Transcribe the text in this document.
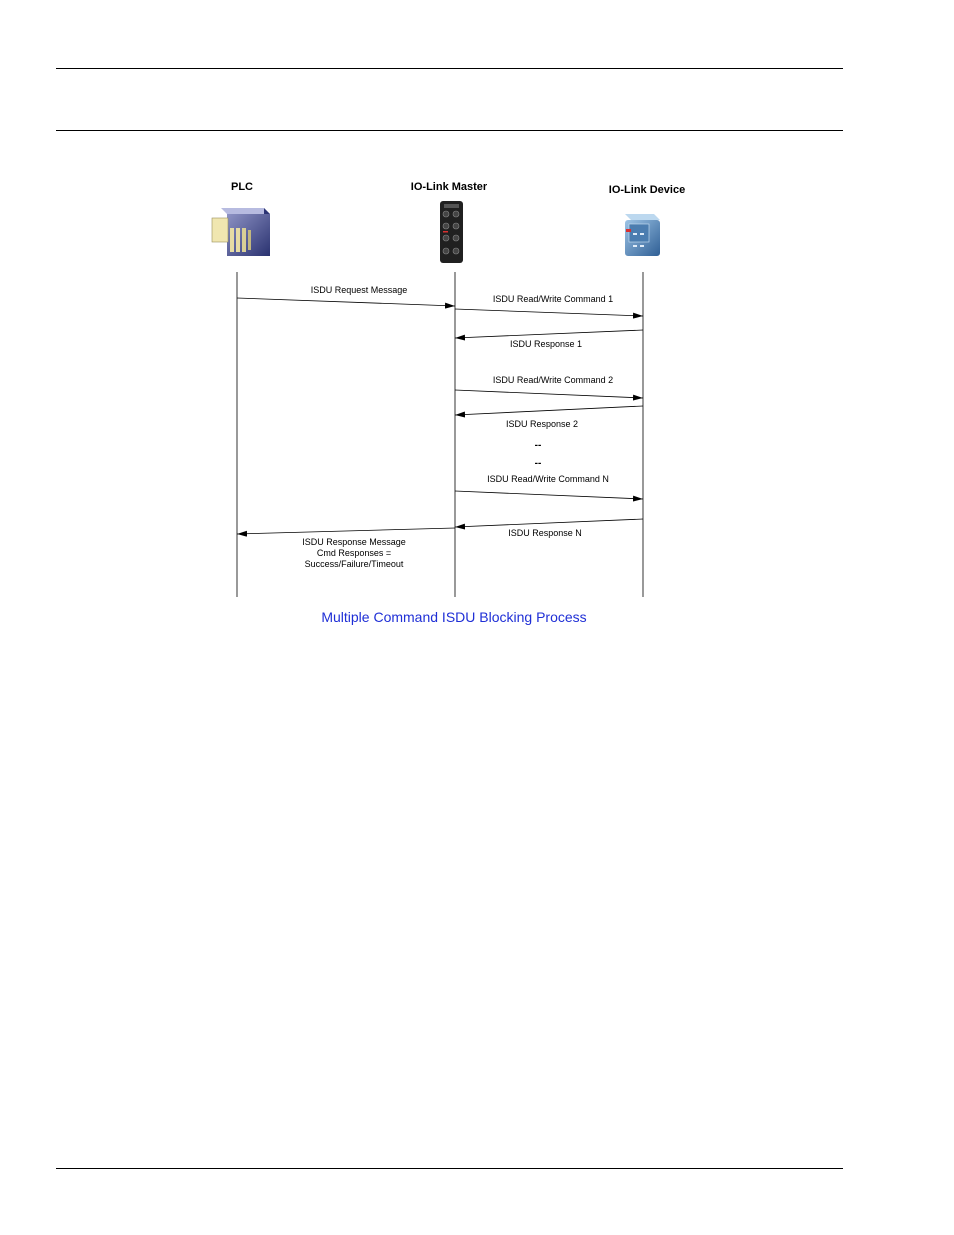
PLC	IO-Link Master	IO-Link Device
ISDU Request Message
ISDU Read/Write Command 1
ISDU Response 1
ISDU Read/Write Command 2
ISDU Response 2
--
--
ISDU Read/Write Command N
ISDU Response N
ISDU Response Message
Cmd Responses =
Success/Failure/Timeout
Multiple Command ISDU Blocking Process
